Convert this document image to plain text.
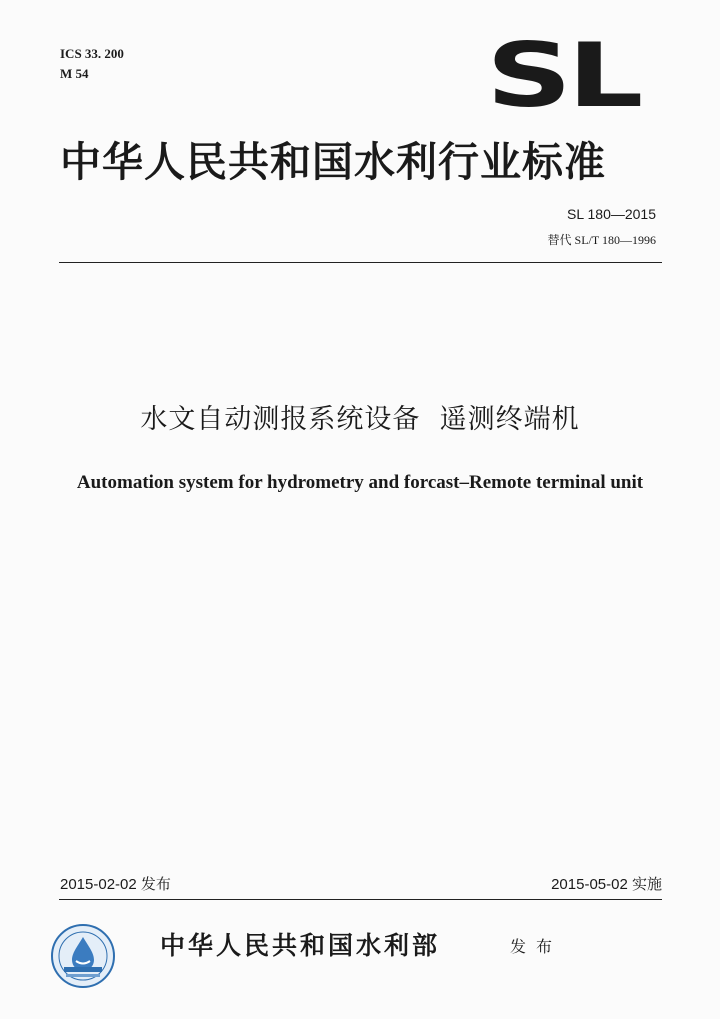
ICS 33. 200
M 54	SL
中华人民共和国水利行业标准
SL 180—2015
替代 SL/T 180—1996
水文自动测报系统设备  遥测终端机
Automation system for hydrometry and forcast–Remote terminal unit
2015-02-02 发布	2015-05-02 实施
中华人民共和国水利部	发布
